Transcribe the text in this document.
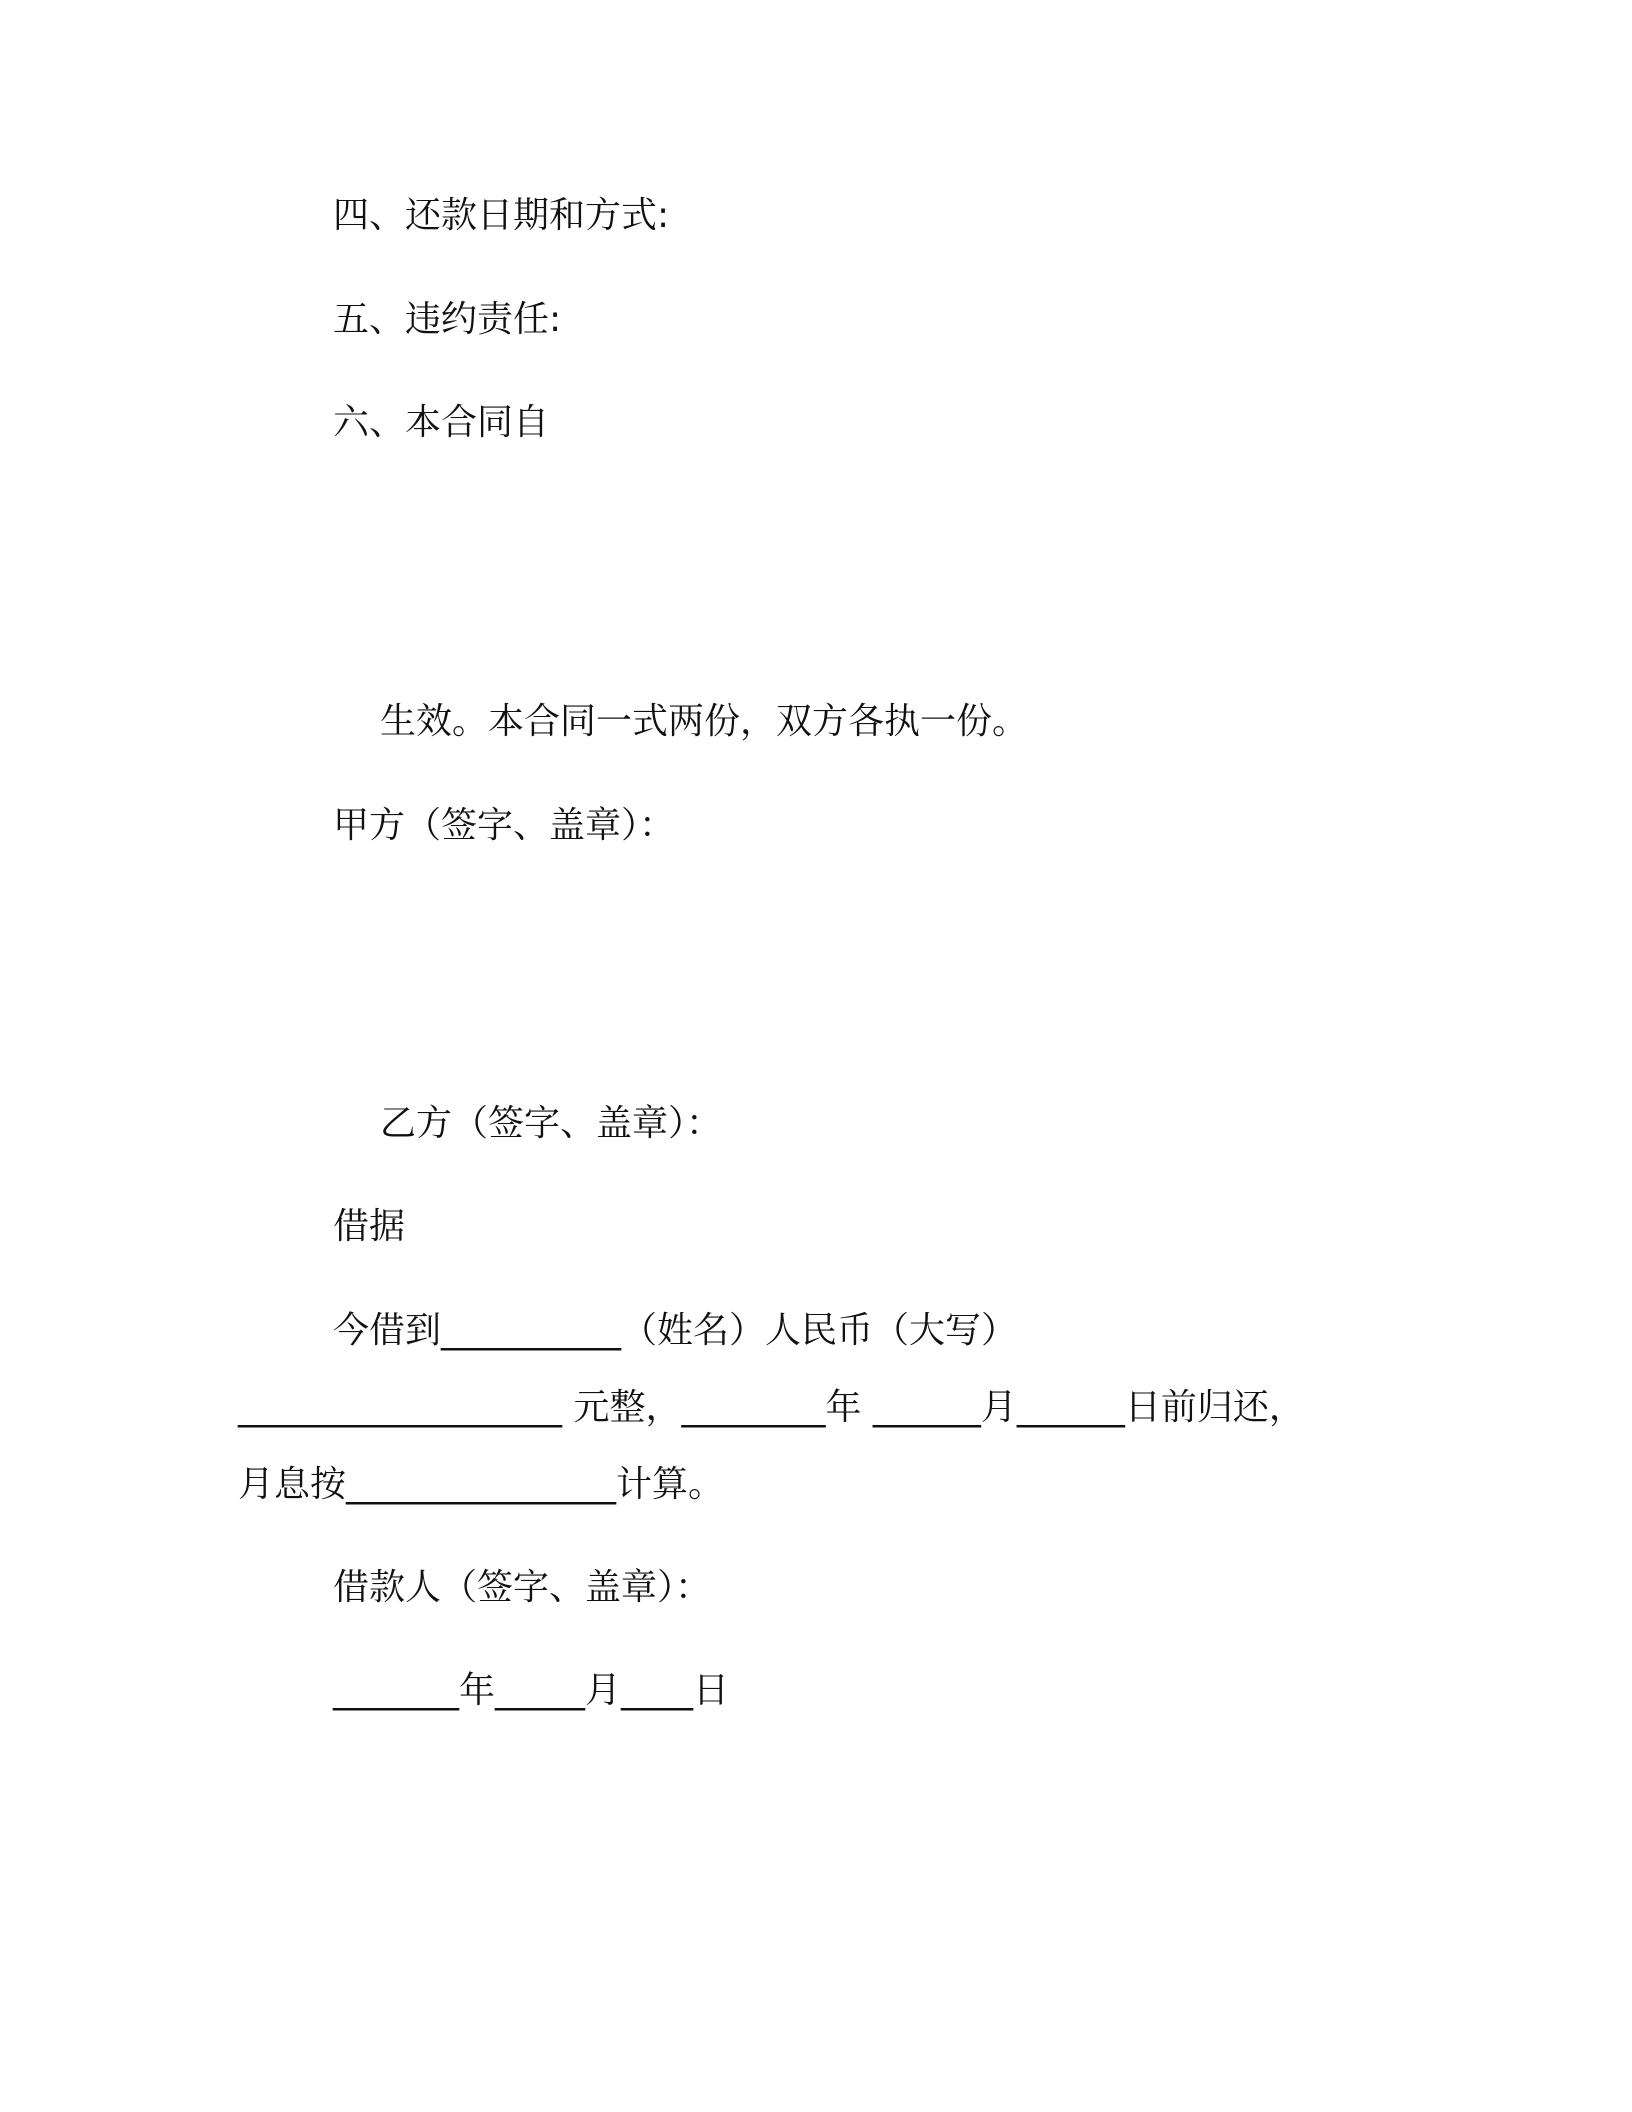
四、还款日期和方式:
五、违约责任:
六、本合同自
生效。本合同一式两份，双方各执一份。
甲方（签字、盖章）：
乙方（签字、盖章）：
借据
今借到__________（姓名）人民币（大写）
__________________ 元整，________年 ______月______日前归还，
月息按_______________计算。
借款人（签字、盖章）：
_______年_____月____日
